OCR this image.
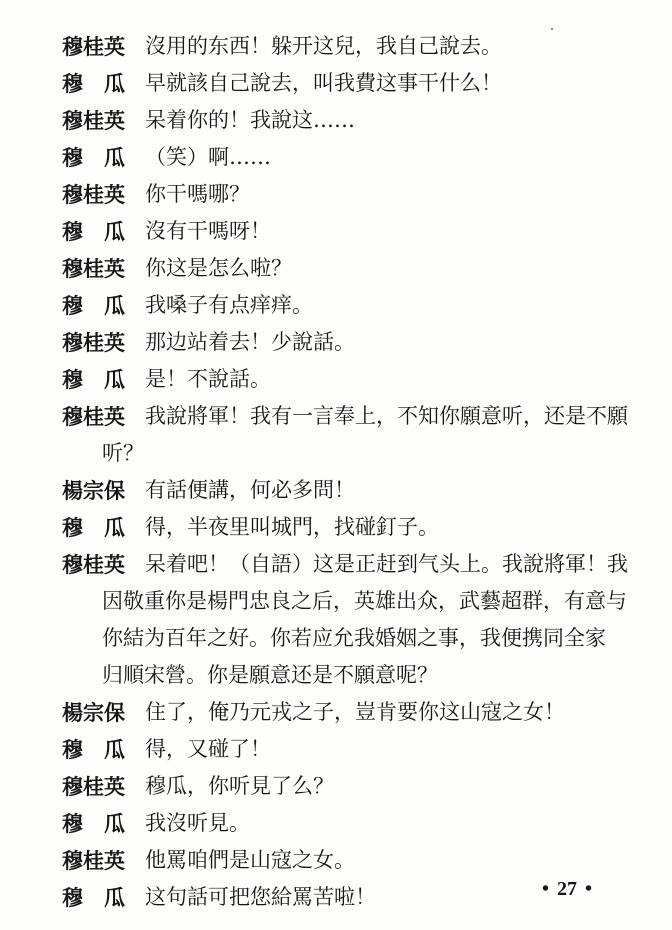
穆桂英 沒用的东西！躲开这兒，我自己說去。
穆　瓜 早就該自己說去，叫我費这事干什么！
穆桂英 呆着你的！我說这……
穆　瓜 （笑）啊……
穆桂英 你干嗎哪？
穆　瓜 沒有干嗎呀！
穆桂英 你这是怎么啦？
穆　瓜 我嗓子有点痒痒。
穆桂英 那边站着去！少說話。
穆　瓜 是！不說話。
穆桂英 我說將軍！我有一言奉上，不知你願意听，还是不願
听？
楊宗保 有話便講，何必多問！
穆　瓜 得，半夜里叫城門，找碰釘子。
穆桂英 呆着吧！（自語）这是正赶到气头上。我說將軍！我
因敬重你是楊門忠良之后，英雄出众，武藝超群，有意与
你結为百年之好。你若应允我婚姻之事，我便携同全家
归順宋營。你是願意还是不願意呢？
楊宗保 住了，俺乃元戎之子，豈肯要你这山寇之女！
穆　瓜 得，又碰了！
穆桂英 穆瓜，你听見了么？
穆　瓜 我沒听見。
穆桂英 他罵咱們是山寇之女。
穆　瓜 这句話可把您給罵苦啦！	• 27 •
